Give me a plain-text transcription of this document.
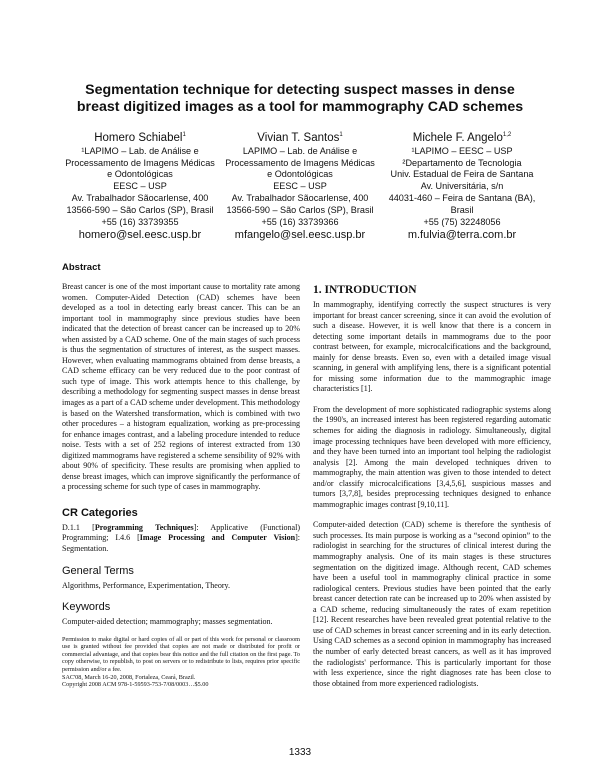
Segmentation technique for detecting suspect masses in dense
breast digitized images as a tool for mammography CAD schemes
Homero Schiabel$^1$
¹LAPIMO – Lab. de Análise e
Processamento de Imagens Médicas
e Odontológicas
EESC – USP
Av. Trabalhador Sãocarlense, 400
13566-590 – São Carlos (SP), Brasil
+55 (16) 33739355
homero@sel.eesc.usp.br
Vivian T. Santos$^1$
LAPIMO – Lab. de Análise e
Processamento de Imagens Médicas
e Odontológicas
EESC – USP
Av. Trabalhador Sãocarlense, 400
13566-590 – São Carlos (SP), Brasil
+55 (16) 33739366
mfangelo@sel.eesc.usp.br
Michele F. Angelo$^{1,2}$
¹LAPIMO – EESC – USP
²Departamento de Tecnologia
Univ. Estadual de Feira de Santana
Av. Universitária, s/n
44031-460 – Feira de Santana (BA),
Brasil
+55 (75) 32248056
m.fulvia@terra.com.br
Abstract

Breast cancer is one of the most important cause to mortality rate among women. Computer-Aided Detection (CAD) schemes have been developed as a tool in detecting early breast cancer. This can be an important tool in mammography since previous studies have been indicated that the detection of breast cancer can be increased up to 20% when assisted by a CAD scheme. One of the main stages of such process is thus the segmentation of structures of interest, as the suspect masses. However, when evaluating mammograms obtained from dense breasts, a CAD scheme efficacy can be very reduced due to the poor contrast of such type of image. This work attempts hence to this challenge, by describing a methodology for segmenting suspect masses in dense breast images as a part of a CAD scheme under development. This methodology is based on the Watershed transformation, which is combined with two other procedures – a histogram equalization, working as pre-processing for enhance images contrast, and a labeling procedure intended to reduce noise. Tests with a set of 252 regions of interest extracted from 130 digitized mammograms have registered a scheme sensibility of 92% with about 90% of specificity. These results are promising when applied to dense breast images, which can improve significantly the performance of a processing scheme for such type of cases in mammography.

CR Categories

D.1.1 [Programming Techniques]: Applicative (Functional) Programming; I.4.6 [Image Processing and Computer Vision]: Segmentation.

General Terms

Algorithms, Performance, Experimentation, Theory.

Keywords

Computer-aided detection; mammography; masses segmentation.

Permission to make digital or hard copies of all or part of this work for personal or classroom use is granted without fee provided that copies are not made or distributed for profit or commercial advantage, and that copies bear this notice and the full citation on the first page. To copy otherwise, to republish, to post on servers or to redistribute to lists, requires prior specific permission and/or a fee.

SAC'08, March 16-20, 2008, Fortaleza, Ceará, Brazil.

Copyright 2008 ACM 978-1-59593-753-7/08/0003…$5.00

1. INTRODUCTION

In mammography, identifying correctly the suspect structures is very important for breast cancer screening, since it can avoid the evolution of such a disease. However, it is well know that there is a concern in detecting some important details in mammograms due to the poor contrast between, for example, microcalcifications and the background, mainly for dense breasts. Even so, even with a detailed image visual scanning, in general with amplifying lens, there is a significant potential for missing some information due to the mammographic image characteristics [1].

From the development of more sophisticated radiographic systems along the 1990's, an increased interest has been registered regarding automatic schemes for aiding the diagnosis in radiology. Simultaneously, digital image processing techniques have been developed with more efficiency, and they have been turned into an important tool helping the radiologist analysis [2]. Among the main developed techniques driven to mammography, the main attention was given to those intended to detect and/or classify microcalcifications [3,4,5,6], suspicious masses and tumors [3,7,8], besides preprocessing techniques designed to enhance mammographic images contrast [9,10,11].

Computer-aided detection (CAD) scheme is therefore the synthesis of such processes. Its main purpose is working as a “second opinion” to the radiologist in searching for the structures of clinical interest during the mammography analysis. One of its main stages is these structures segmentation on the digitized image. Although recent, CAD schemes have been a useful tool in mammography clinical practice in some radiological centers. Previous studies have been pointed that the early breast cancer detection rate can be increased up to 20% when assisted by a CAD scheme, reducing simultaneously the rates of exam repetition [12]. Recent researches have been revealed great potential relative to the use of CAD schemes in breast cancer screening and in its early detection. Using CAD schemes as a second opinion in mammography has increased the number of early detected breast cancers, as well as it has improved the radiologists' performance. This is particularly important for those with less experience, since the right diagnoses rate has been close to those obtained from more experienced radiologists.

1333
